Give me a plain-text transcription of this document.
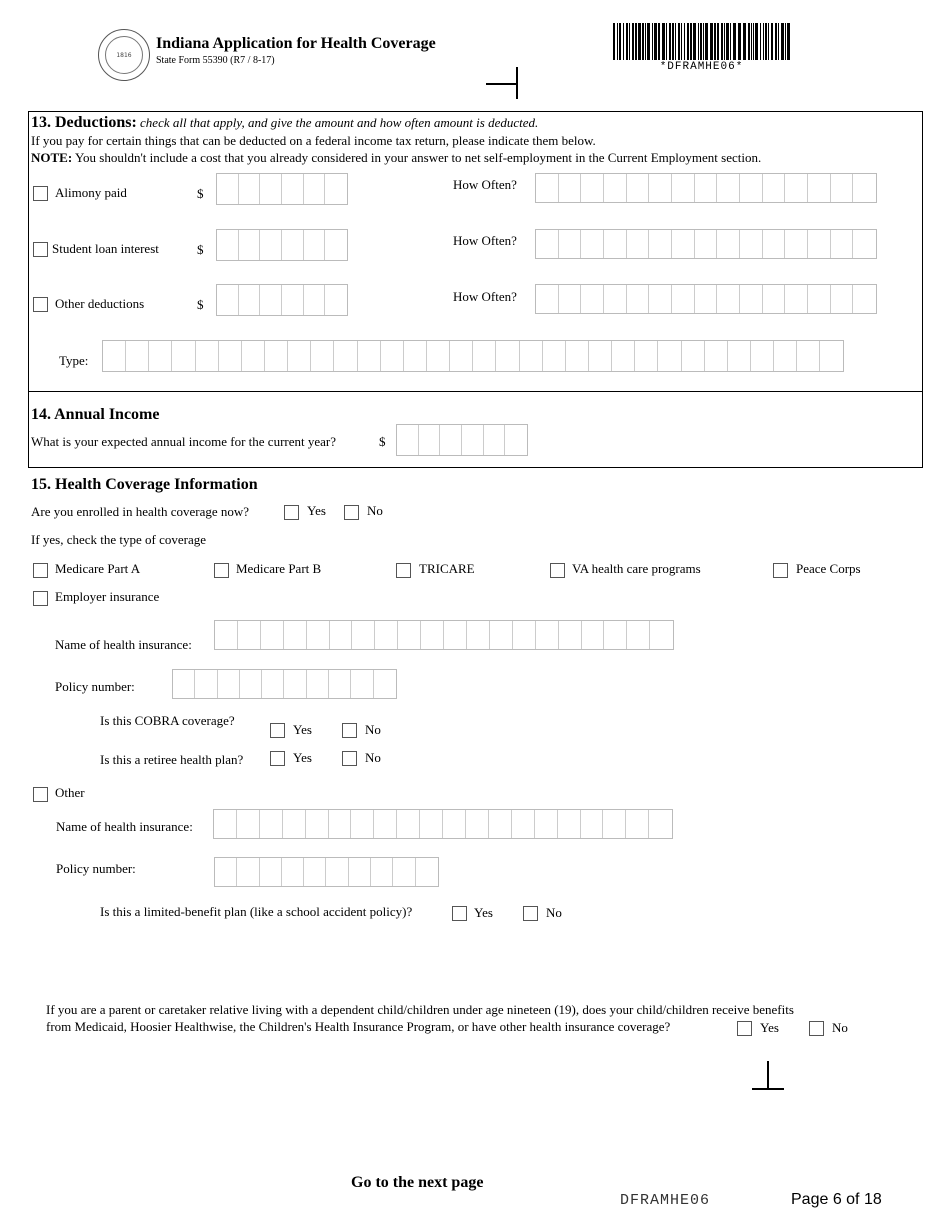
1816
Indiana Application for Health Coverage
State Form 55390 (R7 / 8-17)
*DFRAMHE06*
13. Deductions: check all that apply, and give the amount and how often amount is deducted.
If you pay for certain things that can be deducted on a federal income tax return, please indicate them below.
NOTE: You shouldn't include a cost that you already considered in your answer to net self-employment in the Current Employment section.
Alimony paid	$
How Often?
Student loan interest	$
How Often?
Other deductions	$
How Often?
Type:
14. Annual Income
What is your expected annual income for the current year?	$
15. Health Coverage Information
Are you enrolled in health coverage now?	Yes	No
If yes, check the type of coverage
Medicare Part A	Medicare Part B	TRICARE	VA health care programs	Peace Corps
Employer insurance
Name of health insurance:
Policy number:
Is this COBRA coverage?
Yes	No
Is this a retiree health plan?	Yes	No
Other
Name of health insurance:
Policy number:
Is this a limited-benefit plan (like a school accident policy)?	Yes	No
If you are a parent or caretaker relative living with a dependent child/children under age nineteen (19), does your child/children receive benefits
from Medicaid, Hoosier Healthwise, the Children's Health Insurance Program, or have other health insurance coverage?	Yes	No
Go to the next page
DFRAMHE06	Page 6 of 18
